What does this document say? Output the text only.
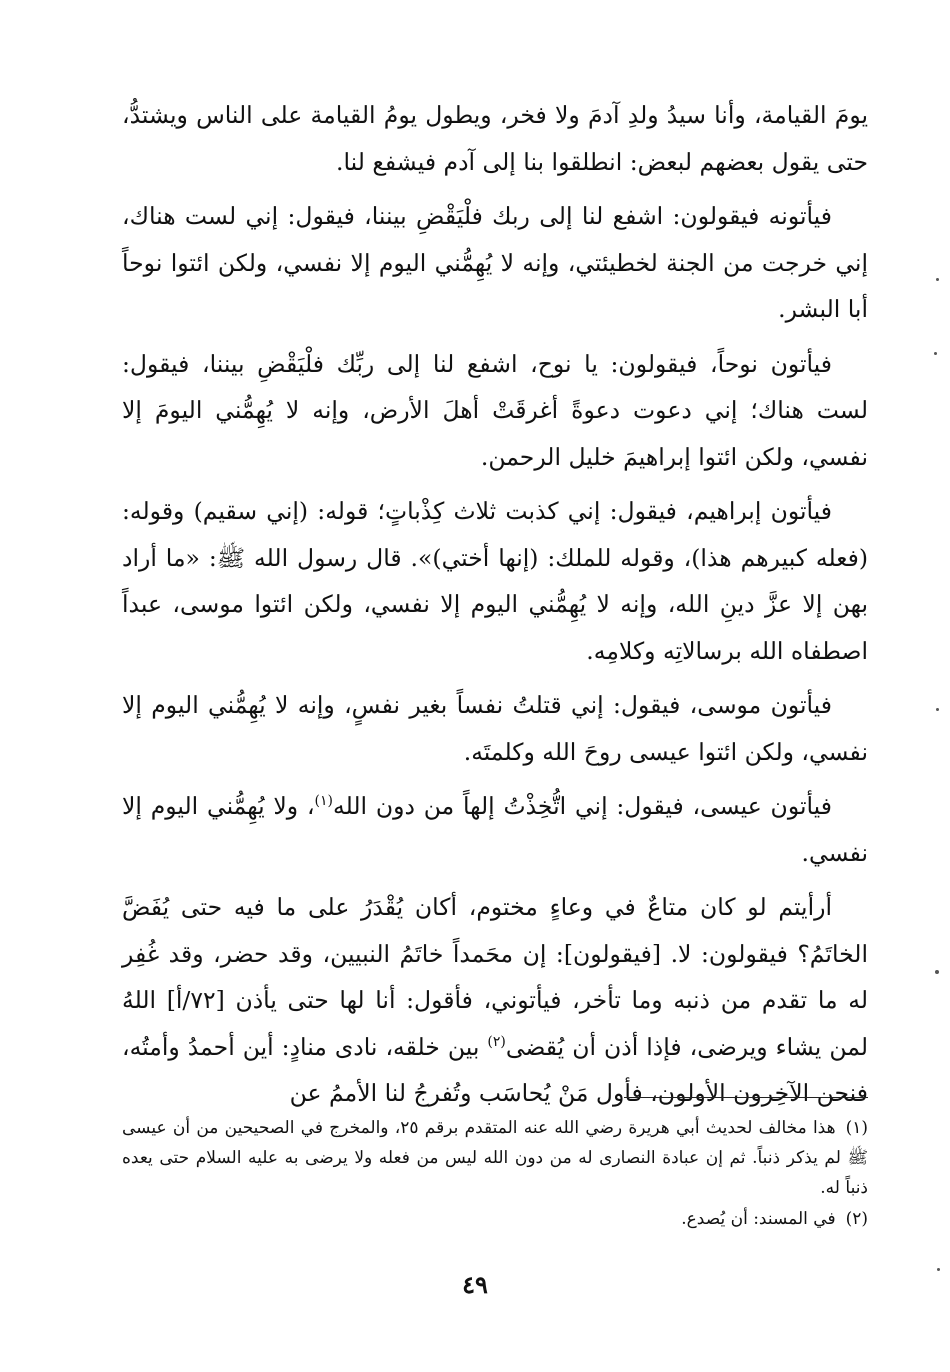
يومَ القيامة، وأنا سيدُ ولدِ آدمَ ولا فخر، ويطول يومُ القيامة على الناس ويشتدُّ، حتى يقول بعضهم لبعض: انطلقوا بنا إلى آدم فيشفع لنا.

فيأتونه فيقولون: اشفع لنا إلى ربك فلْيَقْضِ بيننا، فيقول: إني لست هناك، إني خرجت من الجنة لخطيئتي، وإنه لا يُهِمُّني اليوم إلا نفسي، ولكن ائتوا نوحاً أبا البشر.

فيأتون نوحاً، فيقولون: يا نوح، اشفع لنا إلى ربِّك فلْيَقْضِ بيننا، فيقول: لست هناك؛ إني دعوت دعوةً أغرقَتْ أهلَ الأرض، وإنه لا يُهِمُّني اليومَ إلا نفسي، ولكن ائتوا إبراهيمَ خليل الرحمن.

فيأتون إبراهيم، فيقول: إني كذبت ثلاث كِذْباتٍ؛ قوله: (إني سقيم) وقوله: (فعله كبيرهم هذا)، وقوله للملك: (إنها أختي)». قال رسول الله ﷺ: «ما أراد بهن إلا عزَّ دينِ الله، وإنه لا يُهِمُّني اليوم إلا نفسي، ولكن ائتوا موسى، عبداً اصطفاه الله برسالاتِه وكلامِه.

فيأتون موسى، فيقول: إني قتلتُ نفساً بغير نفسٍ، وإنه لا يُهِمُّني اليوم إلا نفسي، ولكن ائتوا عيسى روحَ الله وكلمتَه.

فيأتون عيسى، فيقول: إني اتُّخِذْتُ إلهاً من دون الله$^{(١)}$، ولا يُهِمُّني اليوم إلا نفسي.

أرأيتم لو كان متاعٌ في وعاءٍ مختوم، أكان يُقْدَرُ على ما فيه حتى يُفَضَّ الخاتَمُ؟ فيقولون: لا. [فيقولون]: إن محَمداً خاتَمُ النبيين، وقد حضر، وقد غُفِر له ما تقدم من ذنبه وما تأخر، فيأتوني، فأقول: أنا لها حتى يأذن [٧٢/أ] اللهُ لمن يشاء ويرضى، فإذا أذن أن يُقضى$^{(٢)}$ بين خلقه، نادى منادٍ: أين أحمدُ وأمتُه، فنحن الآخِرون الأولون، فأول مَنْ يُحاسَب وتُفرجُ لنا الأممُ عن

(١)هذا مخالف لحديث أبي هريرة رضي الله عنه المتقدم برقم ٢٥، والمخرج في الصحيحين من أن عيسى ﷺ لم يذكر ذنباً. ثم إن عبادة النصارى له من دون الله ليس من فعله ولا يرضى به عليه السلام حتى يعده ذنباً له.

(٢)في المسند: أن يُصدع.

٤٩
